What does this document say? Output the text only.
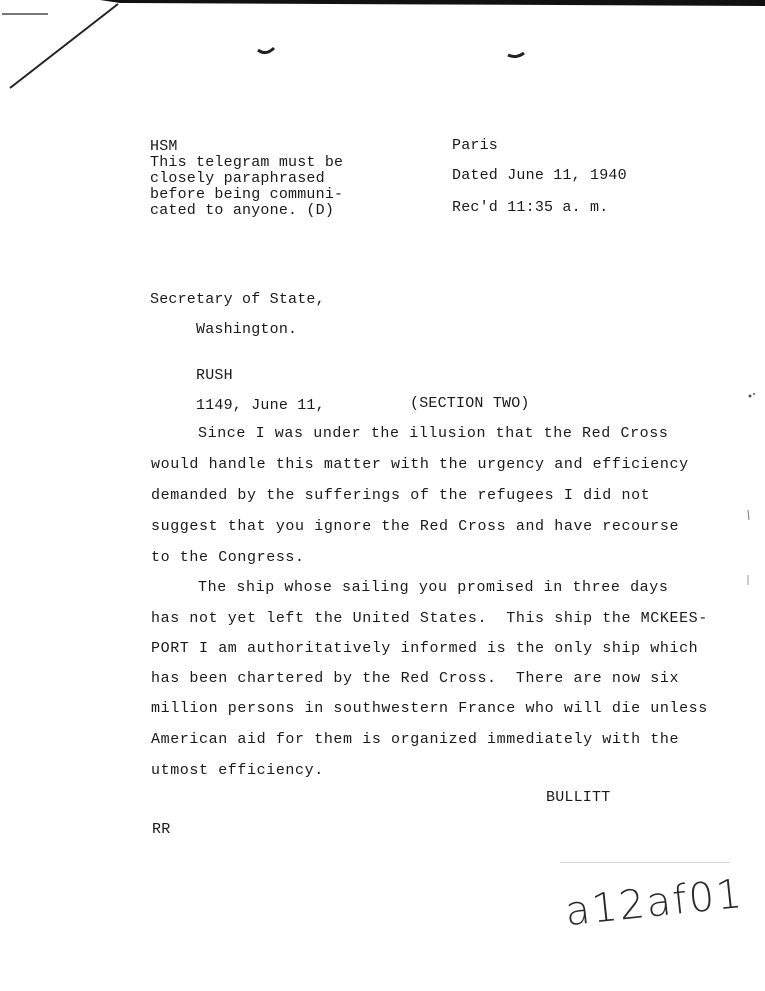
HSM
This telegram must be
closely paraphrased
before being communi-
cated to anyone. (D)
Paris
Dated June 11, 1940
Rec'd 11:35 a. m.
Secretary of State,
Washington.
RUSH
1149, June 11,	(SECTION TWO)
Since I was under the illusion that the Red Cross
would handle this matter with the urgency and efficiency
demanded by the sufferings of the refugees I did not
suggest that you ignore the Red Cross and have recourse
to the Congress.
The ship whose sailing you promised in three days
has not yet left the United States.  This ship the MCKEES-
PORT I am authoritatively informed is the only ship which
has been chartered by the Red Cross.  There are now six
million persons in southwestern France who will die unless
American aid for them is organized immediately with the
utmost efficiency.
BULLITT
RR
a12af01
